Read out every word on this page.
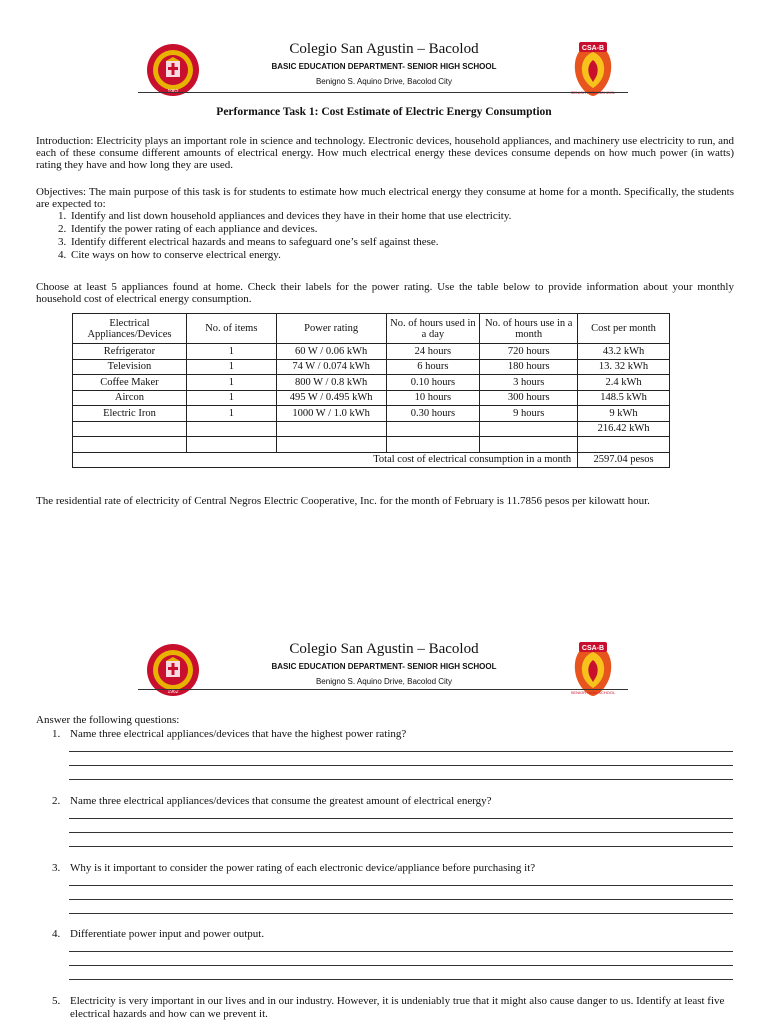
1962
Colegio San Agustin – Bacolod
BASIC EDUCATION DEPARTMENT- SENIOR HIGH SCHOOL
Benigno S. Aquino Drive, Bacolod City
CSA-B
SENIOR HIGH SCHOOL
Performance Task 1: Cost Estimate of Electric Energy Consumption
Introduction: Electricity plays an important role in science and technology. Electronic devices, household appliances, and machinery use electricity to run, and each of these consume different amounts of electrical energy. How much electrical energy these devices consume depends on how much power (in watts) rating they have and how long they are used.
Objectives: The main purpose of this task is for students to estimate how much electrical energy they consume at home for a month. Specifically, the students are expected to:
1. Identify and list down household appliances and devices they have in their home that use electricity.
2. Identify the power rating of each appliance and devices.
3. Identify different electrical hazards and means to safeguard one’s self against these.
4. Cite ways on how to conserve electrical energy.
Choose at least 5 appliances found at home. Check their labels for the power rating. Use the table below to provide information about your monthly household cost of electrical energy consumption.
Electrical Appliances/Devices	No. of items	Power rating	No. of hours used in a day	No. of hours use in a month	Cost per month
Refrigerator	1	60 W / 0.06 kWh	24 hours	720 hours	43.2 kWh
Television	1	74 W / 0.074 kWh	6 hours	180 hours	13. 32 kWh
Coffee Maker	1	800 W / 0.8 kWh	0.10 hours	3 hours	2.4 kWh
Aircon	1	495 W / 0.495 kWh	10 hours	300 hours	148.5 kWh
Electric Iron	1	1000 W / 1.0 kWh	0.30 hours	9 hours	9 kWh
					216.42 kWh

Total cost of electrical consumption in a month					2597.04 pesos
The residential rate of electricity of Central Negros Electric Cooperative, Inc. for the month of February is 11.7856 pesos per kilowatt hour.
1962
Colegio San Agustin – Bacolod
BASIC EDUCATION DEPARTMENT- SENIOR HIGH SCHOOL
Benigno S. Aquino Drive, Bacolod City
CSA-B
SENIOR HIGH SCHOOL
Answer the following questions:
1. Name three electrical appliances/devices that have the highest power rating?
2. Name three electrical appliances/devices that consume the greatest amount of electrical energy?
3. Why is it important to consider the power rating of each electronic device/appliance before purchasing it?
4. Differentiate power input and power output.
5. Electricity is very important in our lives and in our industry. However, it is undeniably true that it might also cause danger to us. Identify at least five electrical hazards and how can we prevent it.
